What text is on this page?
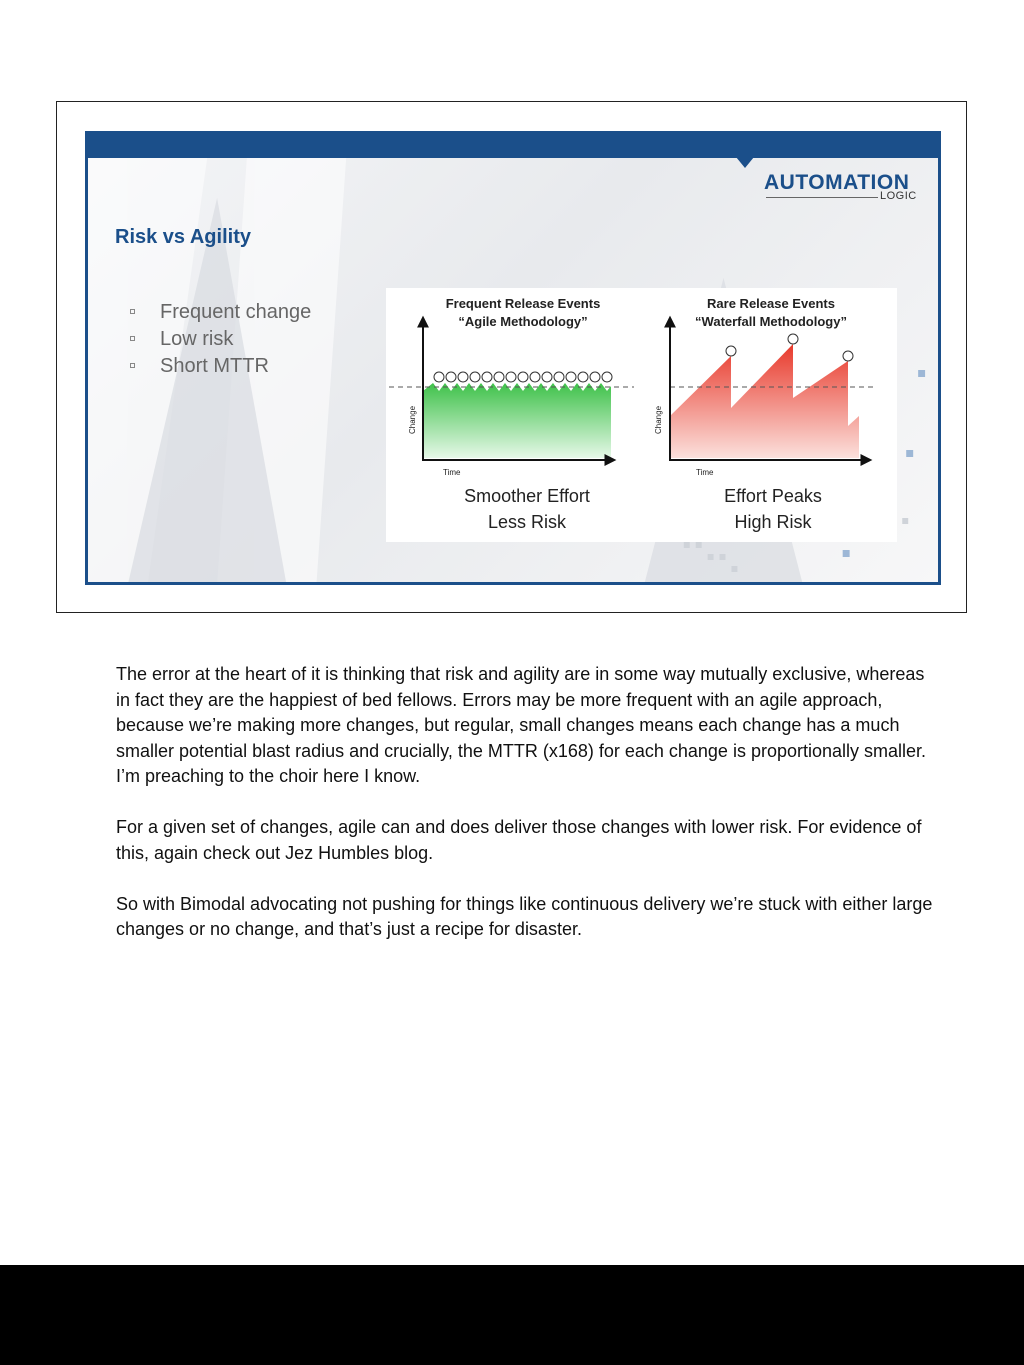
AUTOMATION
LOGIC
Risk vs Agility
Frequent change
Low risk
Short MTTR
Frequent Release Events
“Agile Methodology”
Change
Time
Smoother Effort
Less Risk
Rare Release Events
“Waterfall Methodology”
Change
Time
Effort Peaks
High Risk

The error at the heart of it is thinking that risk and agility are in some way mutually exclusive, whereas in fact they are the happiest of bed fellows. Errors may be more frequent with an agile approach, because we’re making more changes, but regular, small changes means each change has a much smaller potential blast radius and crucially, the MTTR (x168) for each change is proportionally smaller. I’m preaching to the choir here I know.

For a given set of changes, agile can and does deliver those changes with lower risk. For evidence of this, again check out Jez Humbles blog.

So with Bimodal advocating not pushing for things like continuous delivery we’re stuck with either large changes or no change, and that’s just a recipe for disaster.
